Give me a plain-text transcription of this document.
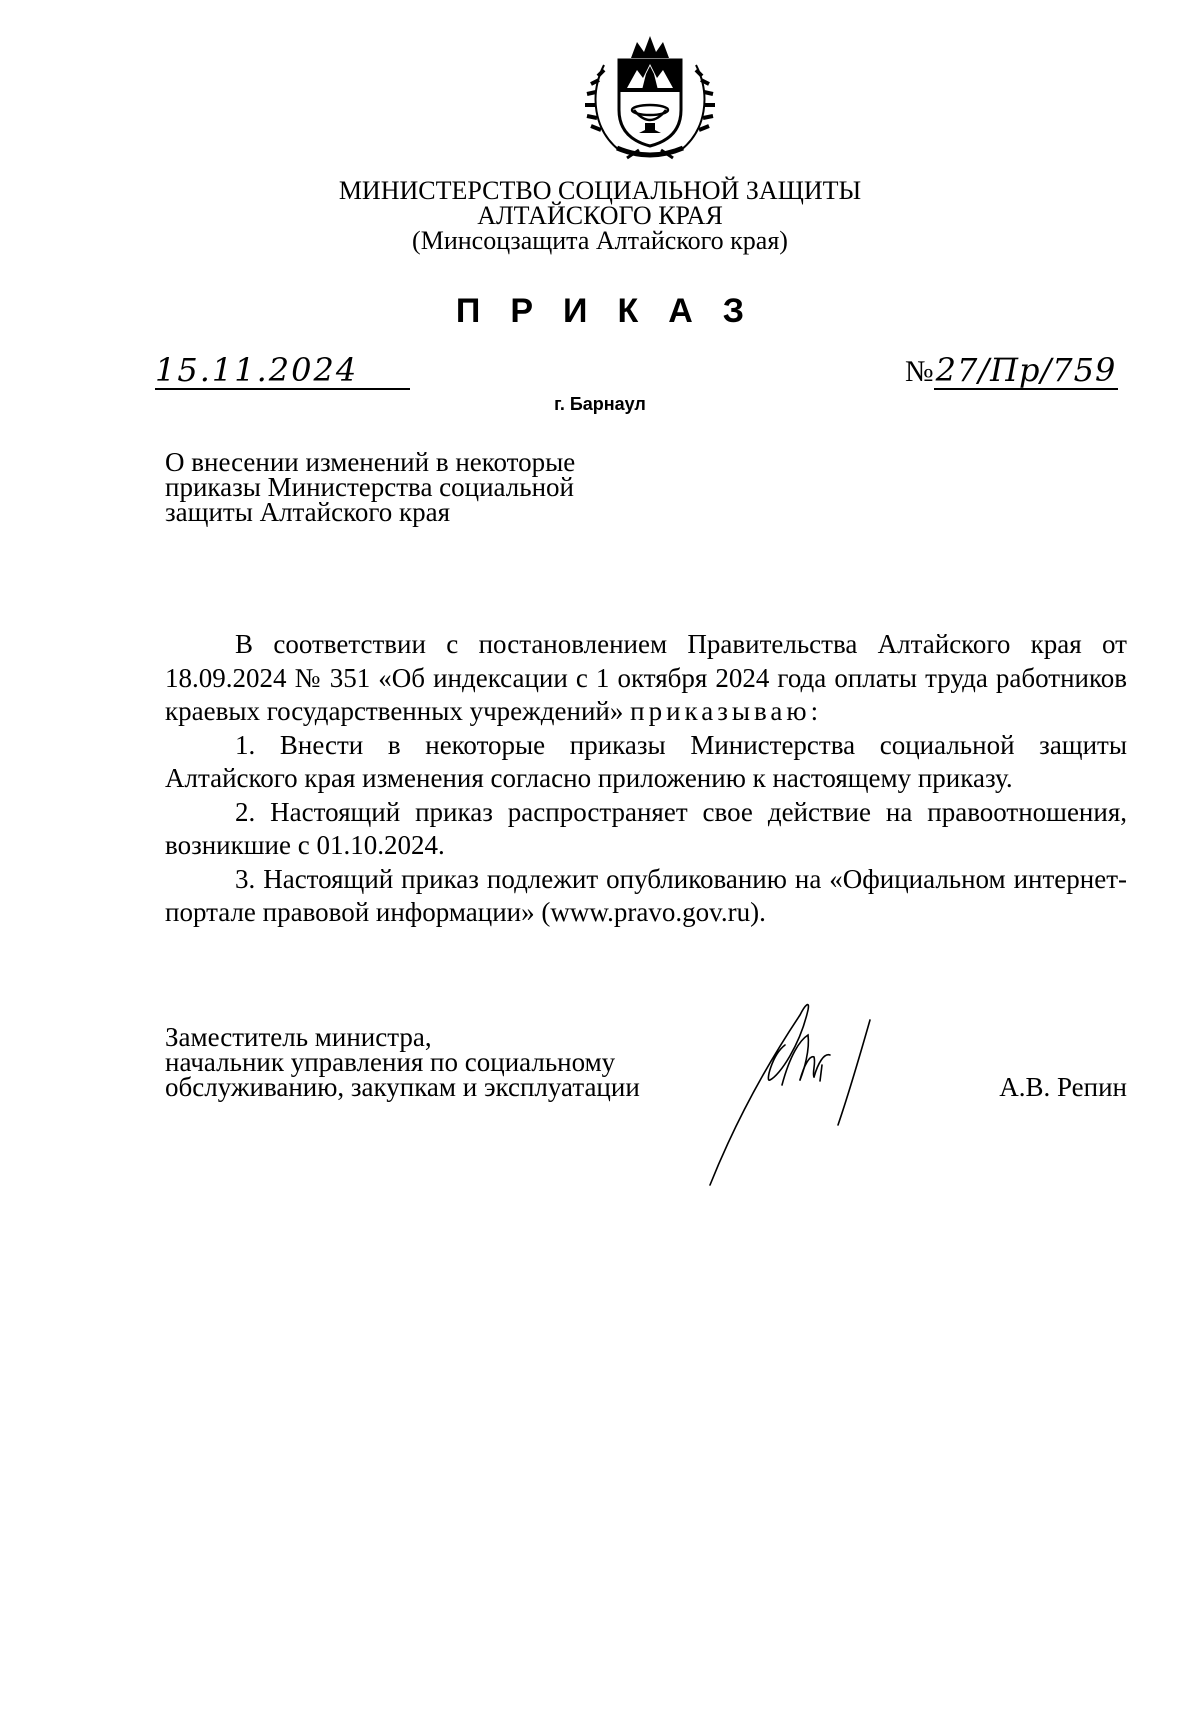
МИНИСТЕРСТВО СОЦИАЛЬНОЙ ЗАЩИТЫ
АЛТАЙСКОГО КРАЯ
(Минсоцзащита Алтайского края)
ПРИКАЗ
15.11.2024	№27/Пр/759
г. Барнаул
О внесении изменений в некоторые
приказы Министерства социальной
защиты Алтайского края

В соответствии с постановлением Правительства Алтайского края от 18.09.2024 № 351 «Об индексации с 1 октября 2024 года оплаты труда работников краевых государственных учреждений» приказываю:

1. Внести в некоторые приказы Министерства социальной защиты Алтайского края изменения согласно приложению к настоящему приказу.

2. Настоящий приказ распространяет свое действие на правоотношения, возникшие с 01.10.2024.

3. Настоящий приказ подлежит опубликованию на «Официальном интернет-портале правовой информации» (www.pravo.gov.ru).

Заместитель министра,
начальник управления по социальному
обслуживанию, закупкам и эксплуатации	А.В. Репин
